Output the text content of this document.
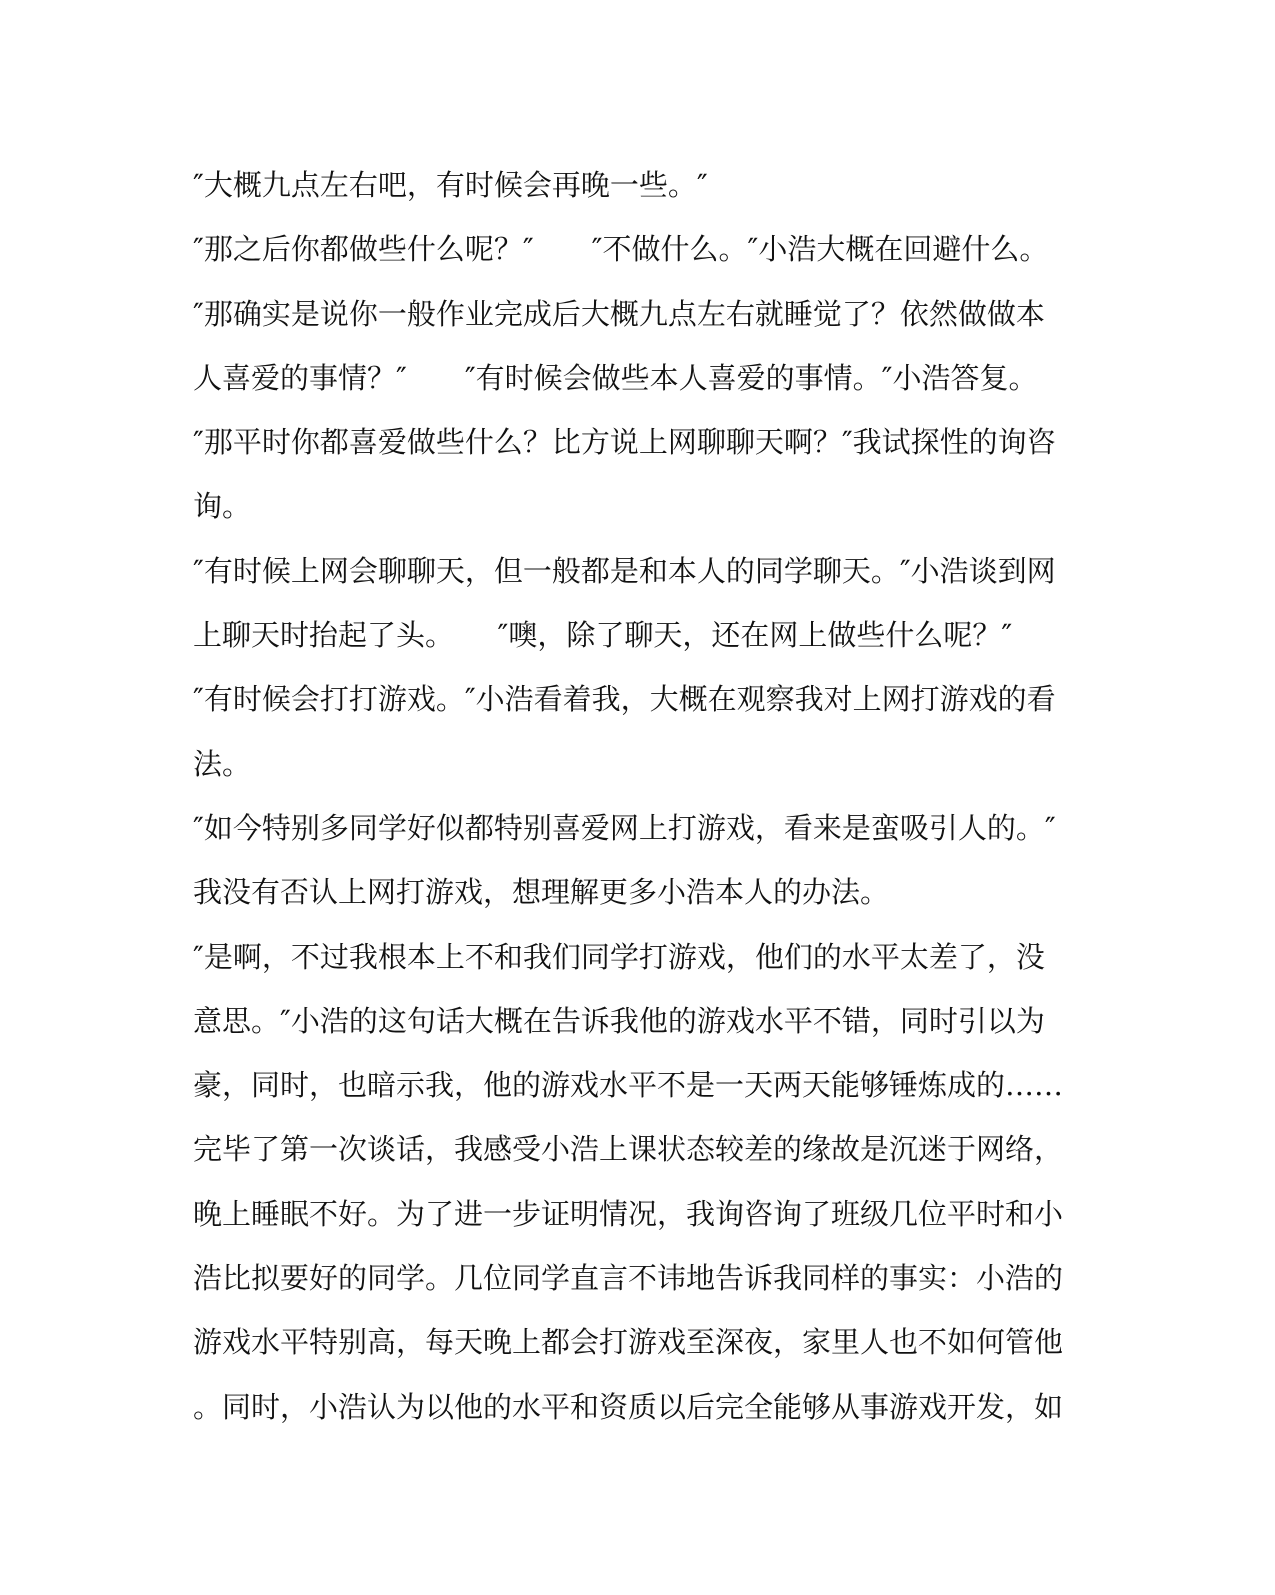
″大概九点左右吧，有时候会再晚一些。″
″那之后你都做些什么呢？″　　″不做什么。″小浩大概在回避什么。
″那确实是说你一般作业完成后大概九点左右就睡觉了？依然做做本
人喜爱的事情？″　　″有时候会做些本人喜爱的事情。″小浩答复。
″那平时你都喜爱做些什么？比方说上网聊聊天啊？″我试探性的询咨
询。
″有时候上网会聊聊天，但一般都是和本人的同学聊天。″小浩谈到网
上聊天时抬起了头。　　″噢，除了聊天，还在网上做些什么呢？″
″有时候会打打游戏。″小浩看着我，大概在观察我对上网打游戏的看
法。
″如今特别多同学好似都特别喜爱网上打游戏，看来是蛮吸引人的。″
我没有否认上网打游戏，想理解更多小浩本人的办法。
″是啊，不过我根本上不和我们同学打游戏，他们的水平太差了，没
意思。″小浩的这句话大概在告诉我他的游戏水平不错，同时引以为
豪，同时，也暗示我，他的游戏水平不是一天两天能够锤炼成的……
完毕了第一次谈话，我感受小浩上课状态较差的缘故是沉迷于网络，
晚上睡眠不好。为了进一步证明情况，我询咨询了班级几位平时和小
浩比拟要好的同学。几位同学直言不讳地告诉我同样的事实：小浩的
游戏水平特别高，每天晚上都会打游戏至深夜，家里人也不如何管他
。同时，小浩认为以他的水平和资质以后完全能够从事游戏开发，如
